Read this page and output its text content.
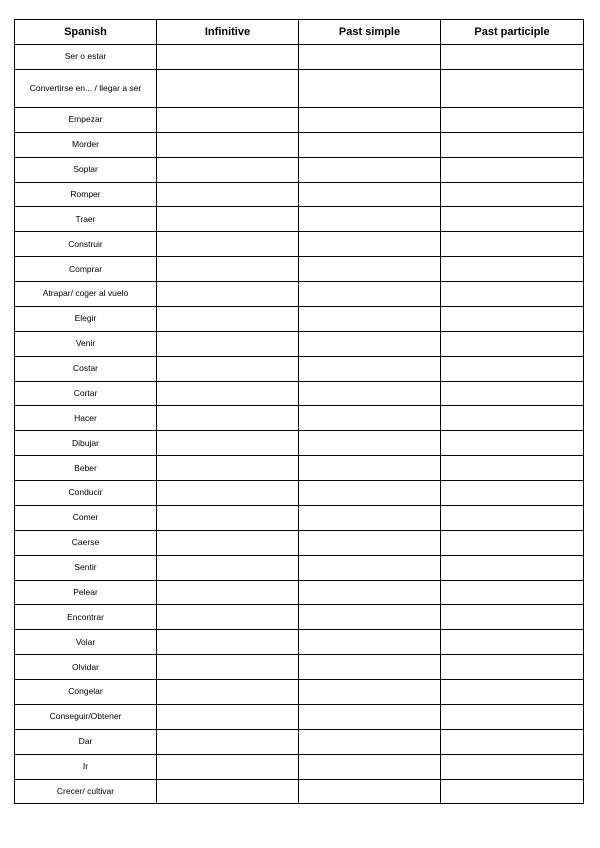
Spanish	Infinitive	Past simple	Past participle
Ser o estar			
Convertirse en... / llegar a ser			
Empezar			
Morder			
Soplar			
Romper			
Traer			
Construir			
Comprar			
Atrapar/ coger al vuelo			
Elegir			
Venir			
Costar			
Cortar			
Hacer			
Dibujar			
Beber			
Conducir			
Comer			
Caerse			
Sentir			
Pelear			
Encontrar			
Volar			
Olvidar			
Congelar			
Conseguir/Obtener			
Dar			
Ir			
Crecer/ cultivar			
